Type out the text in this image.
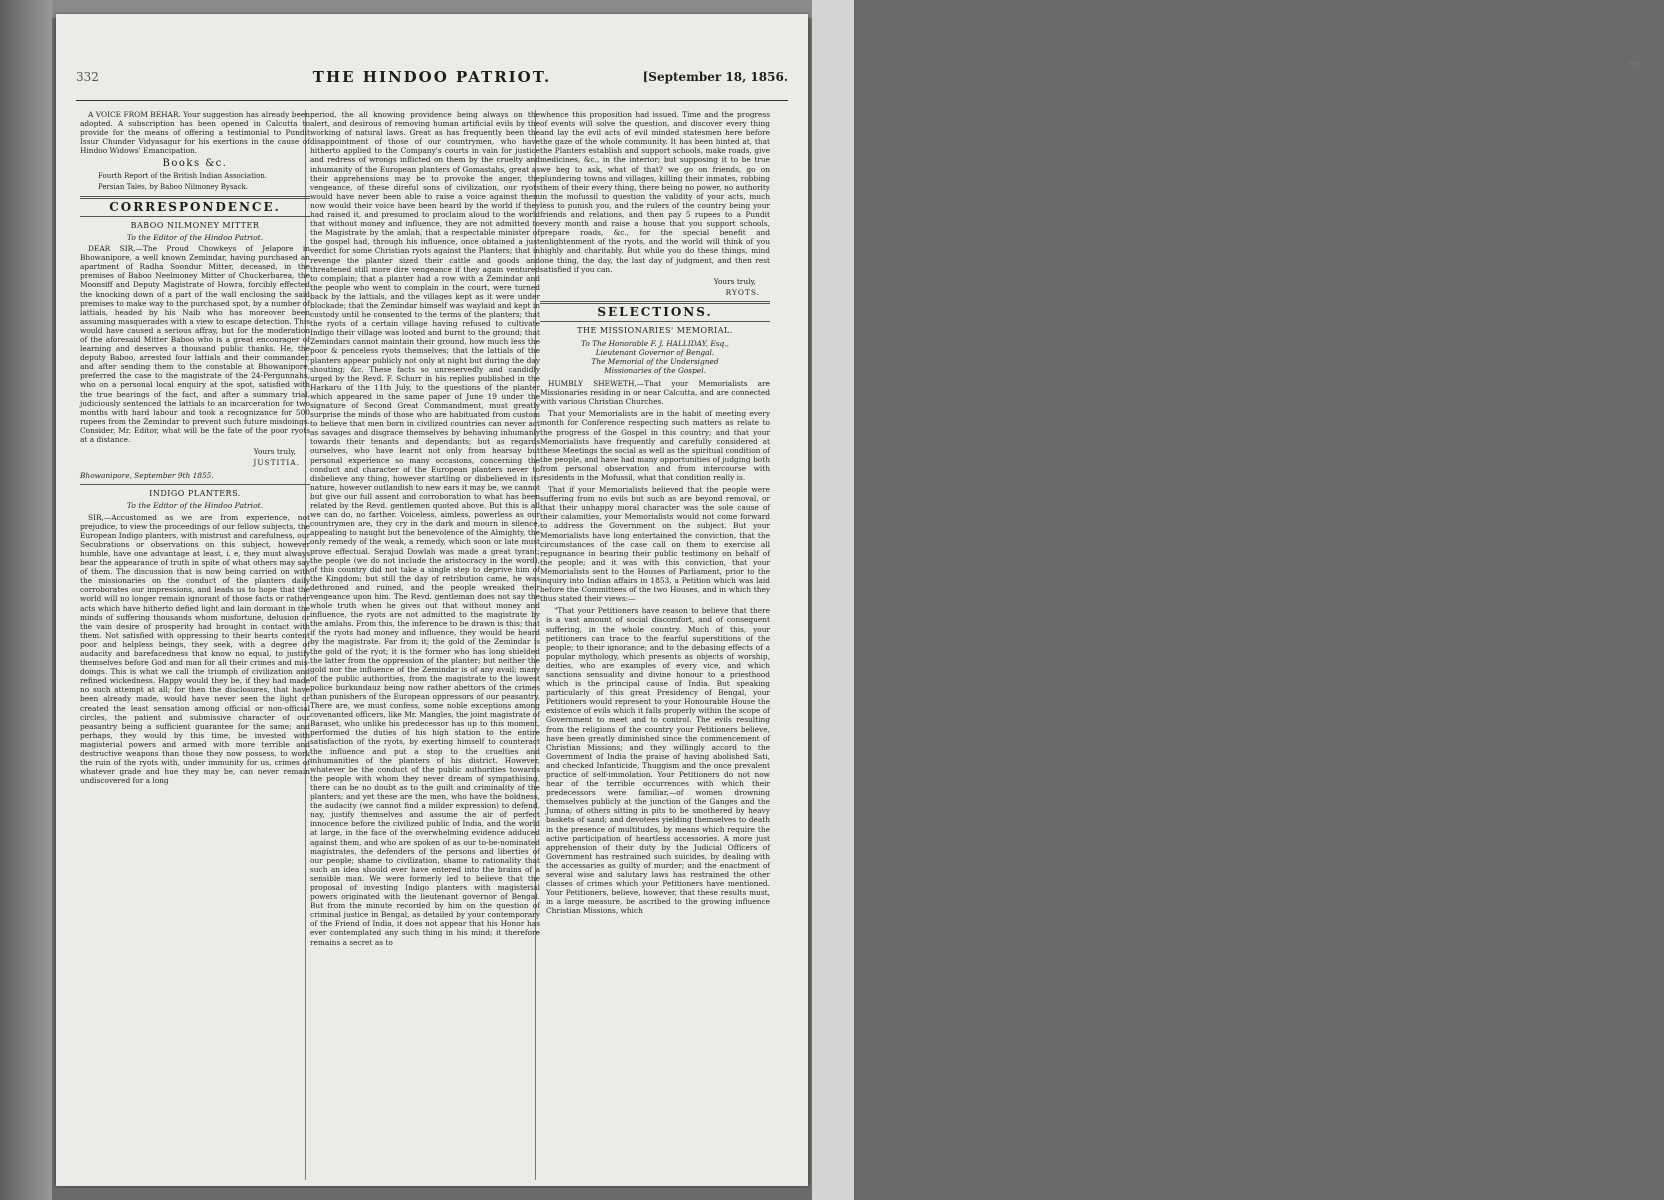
Sep
332	THE HINDOO PATRIOT.	[September 18, 1856.

A VOICE FROM BEHAR. Your suggestion has already been adopted. A subscription has been opened in Calcutta to provide for the means of offering a testimonial to Pundit Issur Chunder Vidyasagur for his exertions in the cause of Hindoo Widows' Emancipation.

Books &c.

Fourth Report of the British Indian Association.

Persian Tales, by Baboo Nilmoney Bysack.

CORRESPONDENCE.
BABOO NILMONEY MITTER
To the Editor of the Hindoo Patriot.

DEAR SIR,—The Proud Chowkeys of Jelapore in Bhowanipore, a well known Zemindar, having purchased an apartment of Radha Soondur Mitter, deceased, in the premises of Baboo Neelmoney Mitter of Chuckerbarea, the Moonsiff and Deputy Magistrate of Howra, forcibly effected the knocking down of a part of the wall enclosing the said premises to make way to the purchased spot, by a number of lattials, headed by his Naib who has moreover been assuming masquerades with a view to escape detection. This would have caused a serious affray, but for the moderation of the aforesaid Mitter Baboo who is a great encourager of learning and deserves a thousand public thanks. He, the deputy Baboo, arrested four lattials and their commander, and after sending them to the constable at Bhowanipore, preferred the case to the magistrate of the 24-Pergunnahs, who on a personal local enquiry at the spot, satisfied with the true bearings of the fact, and after a summary trial, judiciously sentenced the lattials to an incarceration for two months with hard labour and took a recognizance for 500 rupees from the Zemindar to prevent such future misdoings. Consider, Mr. Editor, what will be the fate of the poor ryots at a distance.

Yours truly,
JUSTITIA.
Bhowanipore, September 9th 1855.
INDIGO PLANTERS.
To the Editor of the Hindoo Patriot.

SIR,—Accustomed as we are from experience, not prejudice, to view the proceedings of our fellow subjects, the European Indigo planters, with mistrust and carefulness, our Secubrations or observations on this subject, however humble, have one advantage at least, i. e, they must always bear the appearance of truth in spite of what others may say of them. The discussion that is now being carried on with the missionaries on the conduct of the planters daily corroborates our impressions, and leads us to hope that the world will no longer remain ignorant of those facts or rather acts which have hitherto defied light and lain dormant in the minds of suffering thousands whom misfortune, delusion or the vain desire of prosperity had brought in contact with them. Not satisfied with oppressing to their hearts content poor and helpless beings, they seek, with a degree of audacity and barefacedness that know no equal, to justify themselves before God and man for all their crimes and mis-doings. This is what we call the triumph of civilization and refined wickedness. Happy would they be, if they had made no such attempt at all; for then the disclosures, that have been already made, would have never seen the light or created the least sensation among official or non-official circles, the patient and submissive character of our peasantry being a sufficient guarantee for the same; and perhaps, they would by this time, be invested with magisterial powers and armed with more terrible and destructive weapons than those they now possess, to work the ruin of the ryots with, under immunity for us, crimes of whatever grade and hue they may be, can never remain undiscovered for a long

period, the all knowing providence being always on the alert, and desirous of removing human artificial evils by the working of natural laws. Great as has frequently been the disappointment of those of our countrymen, who have hitherto applied to the Company's courts in vain for justice and redress of wrongs inflicted on them by the cruelty and inhumanity of the European planters of Gomastahs, great as their apprehensions may be to provoke the anger, the vengeance, of these direful sons of civilization, our ryots would have never been able to raise a voice against them now would their voice have been heard by the world if they had raised it, and presumed to proclaim aloud to the world that without money and influence, they are not admitted to the Magistrate by the amlah, that a respectable minister of the gospel had, through his influence, once obtained a just verdict for some Christian ryots against the Planters; that in revenge the planter sized their cattle and goods and threatened still more dire vengeance if they again ventured to complain; that a planter had a row with a Zemindar and the people who went to complain in the court, were turned back by the lattials, and the villages kept as it were under blockade; that the Zemindar himself was waylaid and kept in custody until he consented to the terms of the planters; that the ryots of a certain village having refused to cultivate Indigo their village was looted and burnt to the ground; that Zemindars cannot maintain their ground, how much less the poor & penceless ryots themselves; that the lattials of the planters appear publicly not only at night but during the day shouting; &c. These facts so unreservedly and candidly urged by the Revd. F. Schurr in his replies published in the Harkaru of the 11th July, to the questions of the planter which appeared in the same paper of June 19 under the signature of Second Great Commandment, must greatly surprise the minds of those who are habituated from custom to believe that men born in civilized countries can never act as savages and disgrace themselves by behaving inhumanly towards their tenants and dependants; but as regards ourselves, who have learnt not only from hearsay but personal experience so many occasions, concerning the conduct and character of the European planters never to disbelieve any thing, however startling or disbelieved in its nature, however outlandish to new ears it may be, we cannot but give our full assent and corroboration to what has been related by the Revd. gentlemen quoted above. But this is all we can do, no farther. Voiceless, aimless, powerless as our countrymen are, they cry in the dark and mourn in silence, appealing to naught but the benevolence of the Almighty, the only remedy of the weak, a remedy, which soon or late must prove effectual. Serajud Dowlah was made a great tyrant; the people (we do not include the aristocracy in the word), of this country did not take a single step to deprive him of the Kingdom; but still the day of retribution came, he was dethroned and ruined, and the people wreaked their vengeance upon him. The Revd. gentleman does not say the whole truth when he gives out that without money and influence, the ryots are not admitted to the magistrate by the amlahs. From this, the inference to be drawn is this; that if the ryots had money and influence, they would be heard by the magistrate. Far from it; the gold of the Zemindar is the gold of the ryot; it is the former who has long shielded the latter from the oppression of the planter; but neither the gold nor the influence of the Zemindar is of any avail; many of the public authorities, from the magistrate to the lowest police burkundauz being now rather abettors of the crimes than punishers of the European oppressors of our peasantry. There are, we must confess, some noble exceptions among covenanted officers, like Mr. Mangles, the joint magistrate of Baraset, who unlike his predecessor has up to this moment, performed the duties of his high station to the entire satisfaction of the ryots, by exerting himself to counteract the influence and put a stop to the cruelties and inhumanities of the planters of his district. However, whatever be the conduct of the public authorities towards the people with whom they never dream of sympathising, there can be no doubt as to the guilt and criminality of the planters; and yet these are the men, who have the boldness, the audacity (we cannot find a milder expression) to defend, nay, justify themselves and assume the air of perfect innocence before the civilized public of India, and the world at large, in the face of the overwhelming evidence adduced against them, and who are spoken of as our to-be-nominated magistrates, the defenders of the persons and liberties of our people; shame to civilization, shame to rationality that such an idea should ever have entered into the brains of a sensible man. We were formerly led to believe that the proposal of investing Indigo planters with magisterial powers originated with the lieutenant governor of Bengal. But from the minute recorded by him on the question of criminal justice in Bengal, as detailed by your contemporary of the Friend of India, it does not appear that his Honor has ever contemplated any such thing in his mind; it therefore remains a secret as to

whence this proposition had issued. Time and the progress of events will solve the question, and discover every thing and lay the evil acts of evil minded statesmen here before the gaze of the whole community. It has been hinted at, that the Planters establish and support schools, make roads, give medicines, &c., in the interior; but supposing it to be true we beg to ask, what of that? we go on friends, go on plundering towns and villages, killing their inmates, robbing them of their every thing, there being no power, no authority in the mofussil to question the validity of your acts, much less to punish you, and the rulers of the country being your friends and relations, and then pay 5 rupees to a Pundit every month and raise a house that you support schools, prepare roads, &c., for the special benefit and enlightenment of the ryots, and the world will think of you highly and charitably. But while you do these things, mind one thing, the day, the last day of judgment, and then rest satisfied if you can.

Yours truly,
RYOTS.
SELECTIONS.
THE MISSIONARIES' MEMORIAL.
To The Honorable F. J. HALLIDAY, Esq.,
Lieutenant Governor of Bengal.
The Memorial of the Undersigned
Missionaries of the Gospel.

HUMBLY SHEWETH,—That your Memorialists are Missionaries residing in or near Calcutta, and are connected with various Christian Churches.

That your Memorialists are in the habit of meeting every month for Conference respecting such matters as relate to the progress of the Gospel in this country; and that your Memorialists have frequently and carefully considered at these Meetings the social as well as the spiritual condition of the people, and have had many opportunities of judging both from personal observation and from intercourse with residents in the Mofussil, what that condition really is.

That if your Memorialists believed that the people were suffering from no evils but such as are beyond removal, or that their unhappy moral character was the sole cause of their calamities, your Memorialists would not come forward to address the Government on the subject. But your Memorialists have long entertained the conviction, that the circumstances of the case call on them to exercise all repugnance in bearing their public testimony on behalf of the people; and it was with this conviction, that your Memorialists sent to the Houses of Parliament, prior to the inquiry into Indian affairs in 1853, a Petition which was laid before the Committees of the two Houses, and in which they thus stated their views:—

"That your Petitioners have reason to believe that there is a vast amount of social discomfort, and of consequent suffering, in the whole country. Much of this, your petitioners can trace to the fearful superstitions of the people; to their ignorance; and to the debasing effects of a popular mythology, which presents as objects of worship, deities, who are examples of every vice, and which sanctions sensuality and divine honour to a priesthood which is the principal cause of India. But speaking particularly of this great Presidency of Bengal, your Petitioners would represent to your Honourable House the existence of evils which it falls properly within the scope of Government to meet and to control. The evils resulting from the religions of the country your Petitioners believe, have been greatly diminished since the commencement of Christian Missions; and they willingly accord to the Government of India the praise of having abolished Sati, and checked Infanticide, Thuggism and the once prevalent practice of self-immolation. Your Petitioners do not now hear of the terrible occurrences with which their predecessors were familiar,—of women drowning themselves publicly at the junction of the Ganges and the Jumna; of others sitting in pits to be smothered by heavy baskets of sand; and devotees yielding themselves to death in the presence of multitudes, by means which require the active participation of heartless accessories. A more just apprehension of their duty by the Judicial Officers of Government has restrained such suicides, by dealing with the accessaries as guilty of murder; and the enactment of several wise and salutary laws has restrained the other classes of crimes which your Petitioners have mentioned. Your Petitioners, believe, however, that these results must, in a large measure, be ascribed to the growing influence Christian Missions, which
